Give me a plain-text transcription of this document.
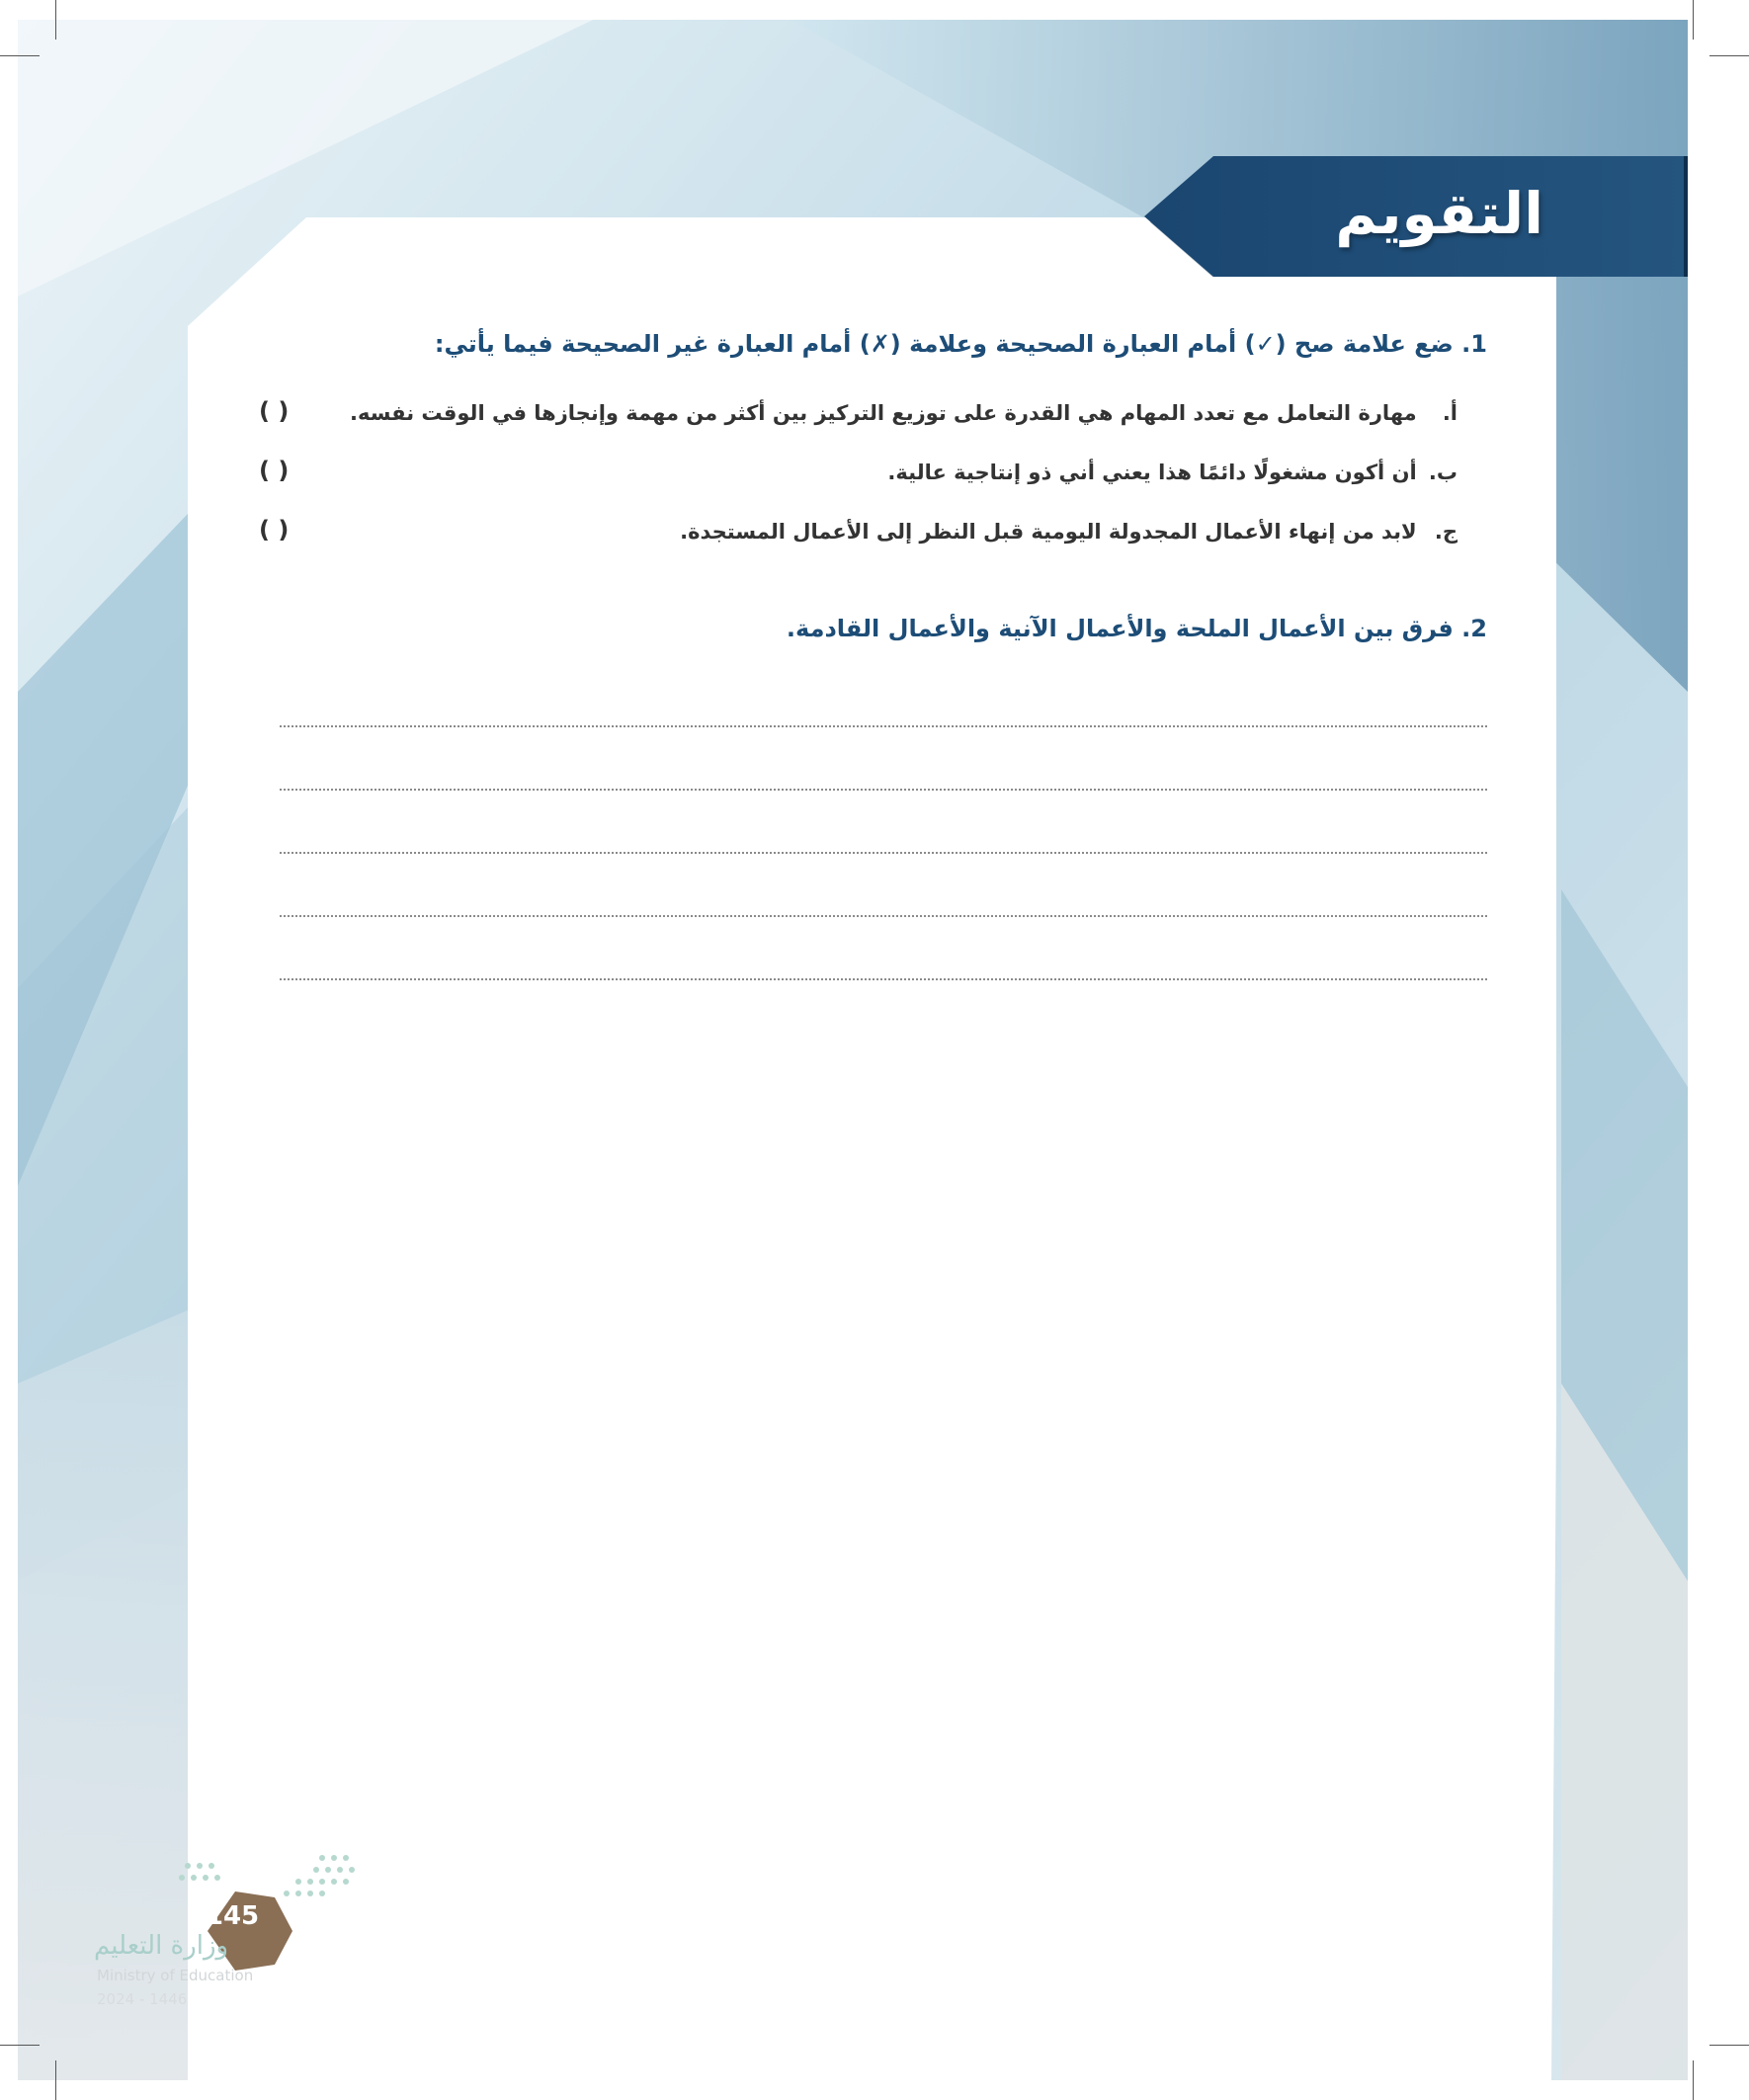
التقويم
1. ضع علامة صح (✓) أمام العبارة الصحيحة وعلامة (✗) أمام العبارة غير الصحيحة فيما يأتي:
أ. مهارة التعامل مع تعدد المهام هي القدرة على توزيع التركيز بين أكثر من مهمة وإنجازها في الوقت نفسه.
( )
ب. أن أكون مشغولًا دائمًا هذا يعني أني ذو إنتاجية عالية.
( )
ج. لابد من إنهاء الأعمال المجدولة اليومية قبل النظر إلى الأعمال المستجدة.
( )
2. فرق بين الأعمال الملحة والأعمال الآنية والأعمال القادمة.
145
وزارة التعليم
Ministry of Education
2024 - 1446
